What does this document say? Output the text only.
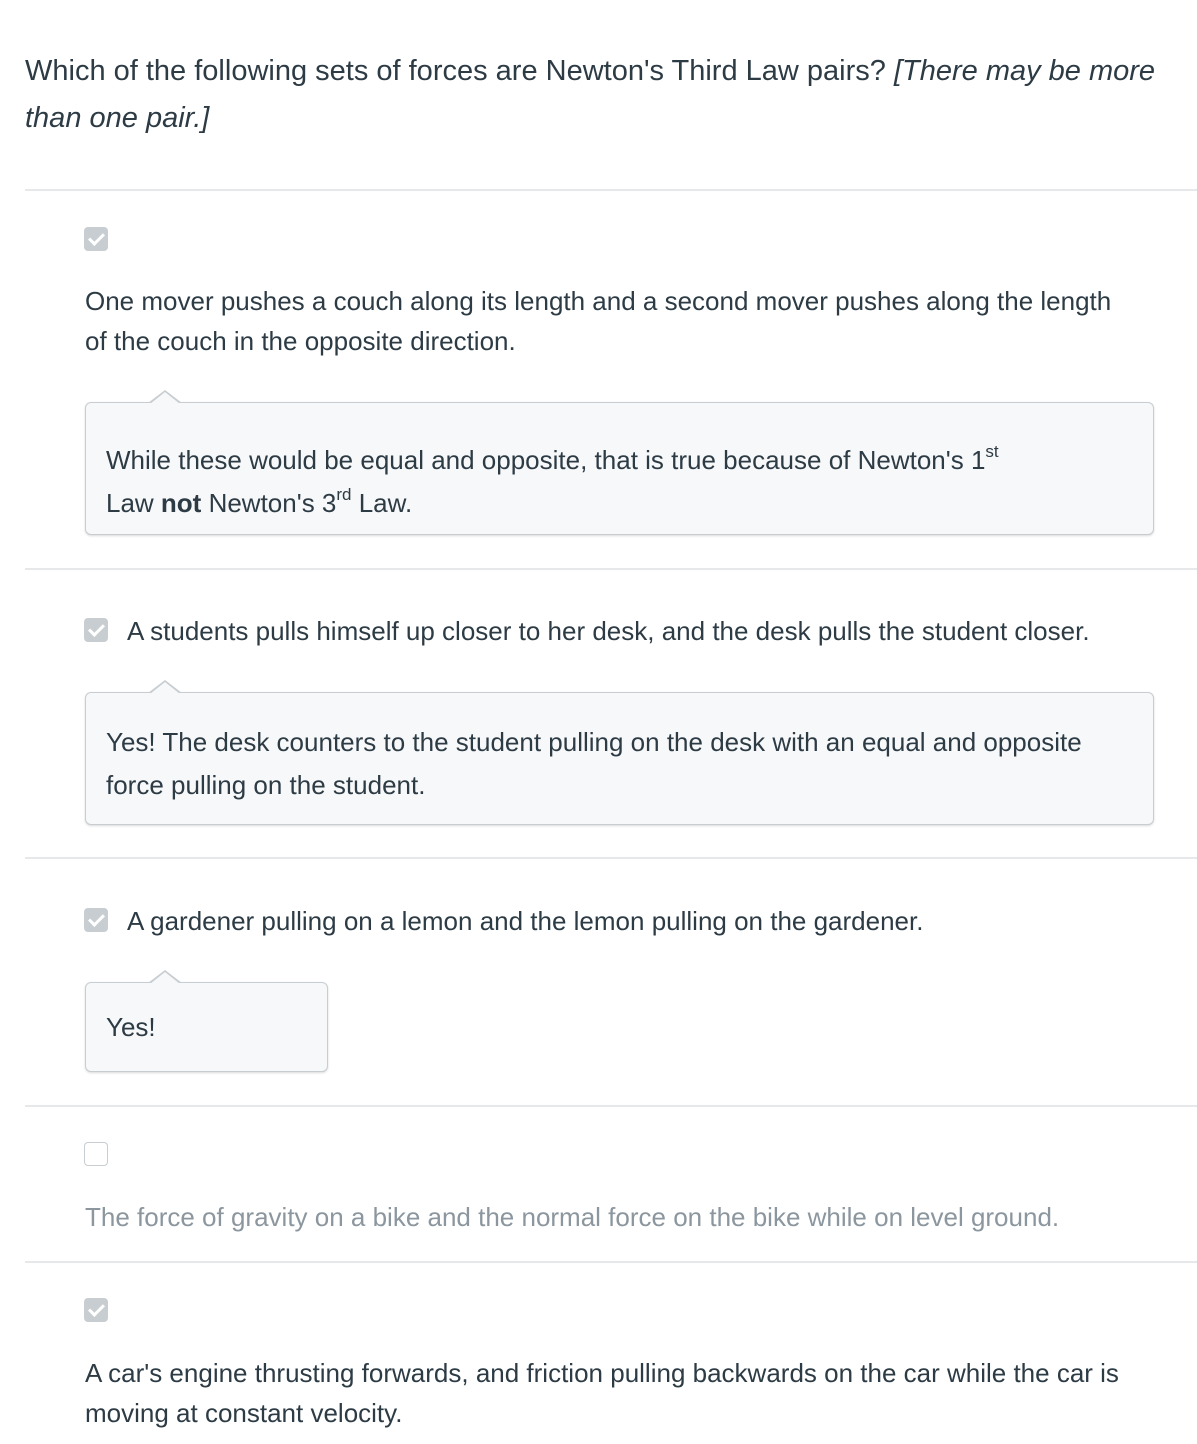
Which of the following sets of forces are Newton's Third Law pairs? [There may be more than one pair.]
One mover pushes a couch along its length and a second mover pushes along the length of the couch in the opposite direction.
While these would be equal and opposite, that is true because of Newton's 1st
Law not Newton's 3rd Law.
A students pulls himself up closer to her desk, and the desk pulls the student closer.
Yes! The desk counters to the student pulling on the desk with an equal and opposite force pulling on the student.
A gardener pulling on a lemon and the lemon pulling on the gardener.
Yes!
The force of gravity on a bike and the normal force on the bike while on level ground.
A car's engine thrusting forwards, and friction pulling backwards on the car while the car is moving at constant velocity.
